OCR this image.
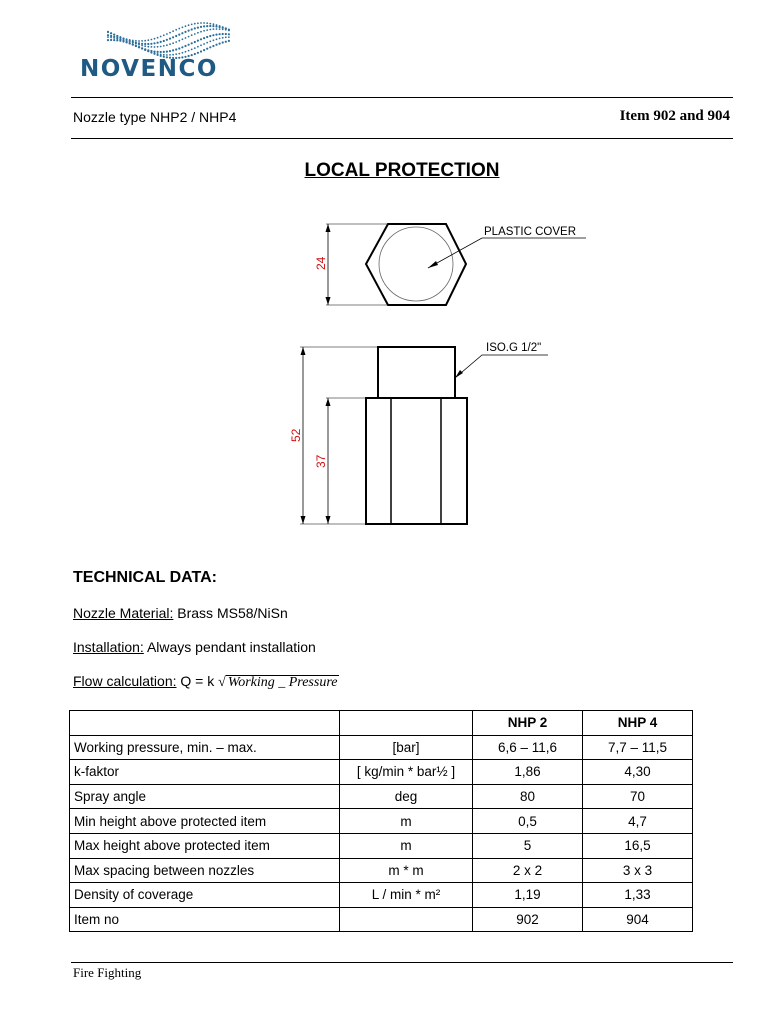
NOVENCO
Nozzle type NHP2 / NHP4	Item 902 and 904
LOCAL PROTECTION
PLASTIC COVER
24
ISO.G 1/2"
52
37
TECHNICAL DATA:
Nozzle Material: Brass MS58/NiSn
Installation: Always pendant installation
Flow calculation: Q = k √ Working _ Pressure
		NHP 2	NHP 4
Working pressure, min. – max.	[bar]	6,6 – 11,6	7,7 – 11,5
k-faktor	[ kg/min * bar½ ]	1,86	4,30
Spray angle	deg	80	70
Min height above protected item	m	0,5	4,7
Max height above protected item	m	5	16,5
Max spacing between nozzles	m * m	2 x 2	3 x 3
Density of coverage	L / min * m²	1,19	1,33
Item no		902	904
Fire Fighting
